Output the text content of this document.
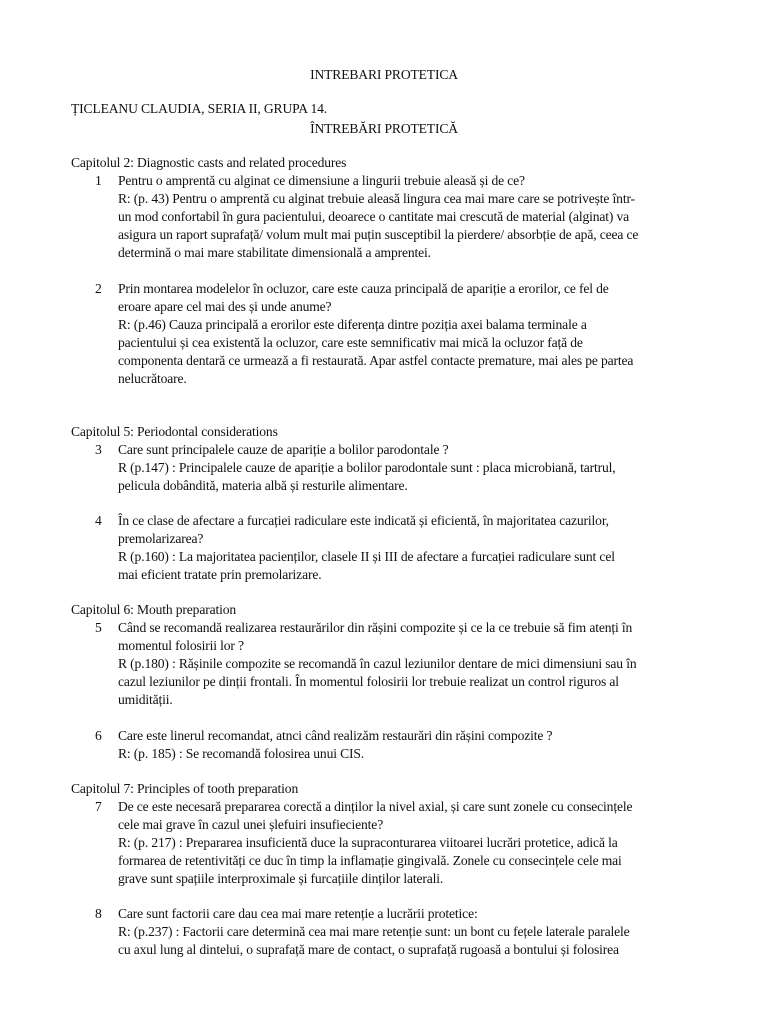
INTREBARI PROTETICA
ȚICLEANU CLAUDIA, SERIA II, GRUPA 14.
ÎNTREBĂRI PROTETICĂ
Capitolul 2: Diagnostic casts and related procedures
1 Pentru o amprentă cu alginat ce dimensiune a lingurii trebuie aleasă și de ce?
R: (p. 43) Pentru o amprentă cu alginat trebuie aleasă lingura cea mai mare care se potrivește într-
un mod confortabil în gura pacientului, deoarece o cantitate mai crescută de material (alginat) va
asigura un raport suprafață/ volum mult mai puțin susceptibil la pierdere/ absorbție de apă, ceea ce
determină o mai mare stabilitate dimensională a amprentei.
2 Prin montarea modelelor în ocluzor, care este cauza principală de apariție a erorilor, ce fel de
eroare apare cel mai des și unde anume?
R: (p.46) Cauza principală a erorilor este diferența dintre poziția axei balama terminale a
pacientului și cea existentă la ocluzor, care este semnificativ mai mică la ocluzor față de
componenta dentară ce urmează a fi restaurată. Apar astfel contacte premature, mai ales pe partea
nelucrătoare.
Capitolul 5: Periodontal considerations
3 Care sunt principalele cauze de apariție a bolilor parodontale ?
R (p.147) : Principalele cauze de apariție a bolilor parodontale sunt : placa microbiană, tartrul,
pelicula dobândită, materia albă și resturile alimentare.
4 În ce clase de afectare a furcației radiculare este indicată și eficientă, în majoritatea cazurilor,
premolarizarea?
R (p.160) : La majoritatea pacienților, clasele II și III de afectare a furcației radiculare sunt cel
mai eficient tratate prin premolarizare.
Capitolul 6: Mouth preparation
5 Când se recomandă realizarea restaurărilor din rășini compozite și ce la ce trebuie să fim atenți în
momentul folosirii lor ?
R (p.180) : Rășinile compozite se recomandă în cazul leziunilor dentare de mici dimensiuni sau în
cazul leziunilor pe dinții frontali. În momentul folosirii lor trebuie realizat un control riguros al
umidității.
6 Care este linerul recomandat, atnci când realizăm restaurări din rășini compozite ?
R: (p. 185) : Se recomandă folosirea unui CIS.
Capitolul 7: Principles of tooth preparation
7 De ce este necesară prepararea corectă a dinților la nivel axial, și care sunt zonele cu consecințele
cele mai grave în cazul unei șlefuiri insufieciente?
R: (p. 217) : Prepararea insuficientă duce la supraconturarea viitoarei lucrări protetice, adică la
formarea de retentivități ce duc în timp la inflamație gingivală. Zonele cu consecințele cele mai
grave sunt spațiile interproximale și furcațiile dinților laterali.
8 Care sunt factorii care dau cea mai mare retenție a lucrării protetice:
R: (p.237) : Factorii care determină cea mai mare retenție sunt: un bont cu fețele laterale paralele
cu axul lung al dintelui, o suprafață mare de contact, o suprafață rugoasă a bontului și folosirea
